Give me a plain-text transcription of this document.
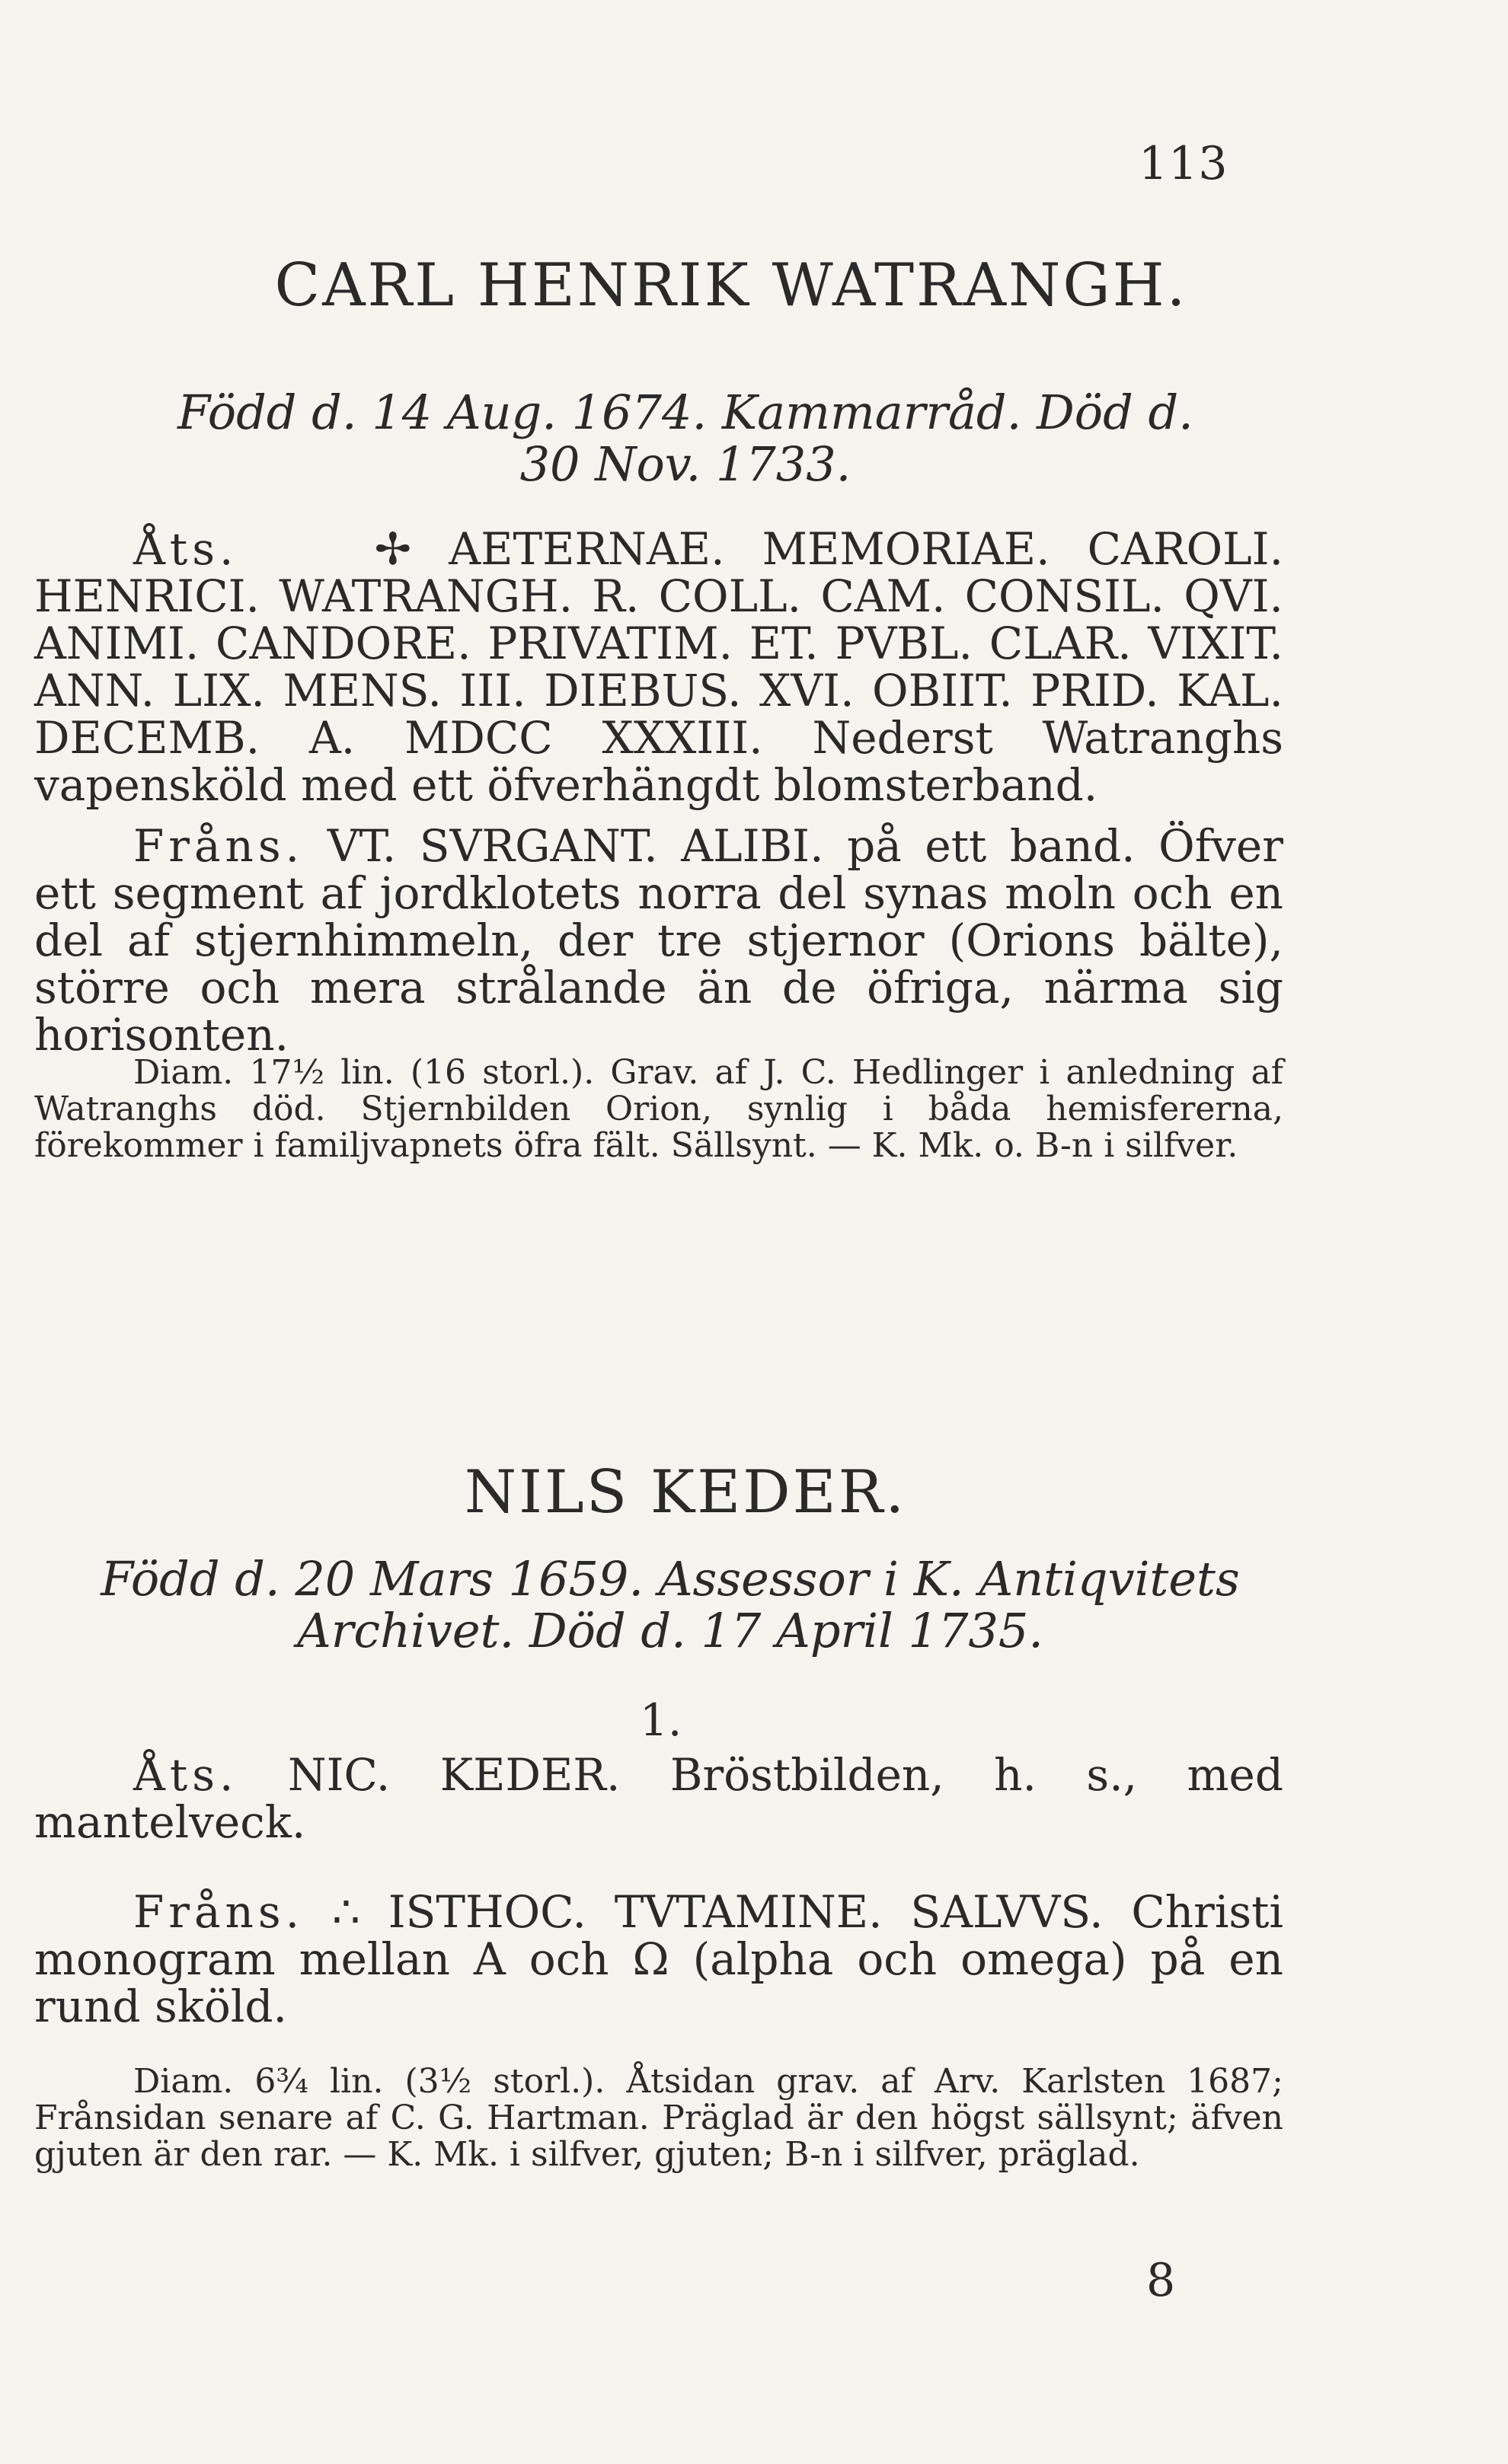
113
CARL HENRIK WATRANGH.
Född d. 14 Aug. 1674. Kammarråd. Död d. 30 Nov. 1733.
Åts.	✢ AETERNAE. MEMORIAE. CAROLI. HENRICI. WATRANGH. R. COLL. CAM. CONSIL. QVI. ANIMI. CANDORE. PRIVATIM. ET. PVBL. CLAR. VIXIT. ANN. LIX. MENS. III. DIEBUS. XVI. OBIIT. PRID. KAL. DECEMB. A. MDCC XXXIII. Nederst Watranghs vapensköld med ett öfverhängdt blomsterband.
Fråns. VT. SVRGANT. ALIBI. på ett band. Öfver ett segment af jordklotets norra del synas moln och en del af stjernhimmeln, der tre stjernor (Orions bälte), större och mera strålande än de öfriga, närma sig horisonten.
Diam. 17½ lin. (16 storl.). Grav. af J. C. Hedlinger i anledning af Watranghs död. Stjernbilden Orion, synlig i båda hemisfererna, förekommer i familjvapnets öfra fält. Sällsynt. — K. Mk. o. B-n i silfver.
NILS KEDER.
Född d. 20 Mars 1659. Assessor i K. Antiqvitets Archivet. Död d. 17 April 1735.
1.
Åts. NIC. KEDER. Bröstbilden, h. s., med mantelveck.
Fråns. ∴ ISTHOC. TVTAMINE. SALVVS. Christi monogram mellan A och Ω (alpha och omega) på en rund sköld.
Diam. 6¾ lin. (3½ storl.). Åtsidan grav. af Arv. Karlsten 1687; Frånsidan senare af C. G. Hartman. Präglad är den högst sällsynt; äfven gjuten är den rar. — K. Mk. i silfver, gjuten; B-n i silfver, präglad.
8
